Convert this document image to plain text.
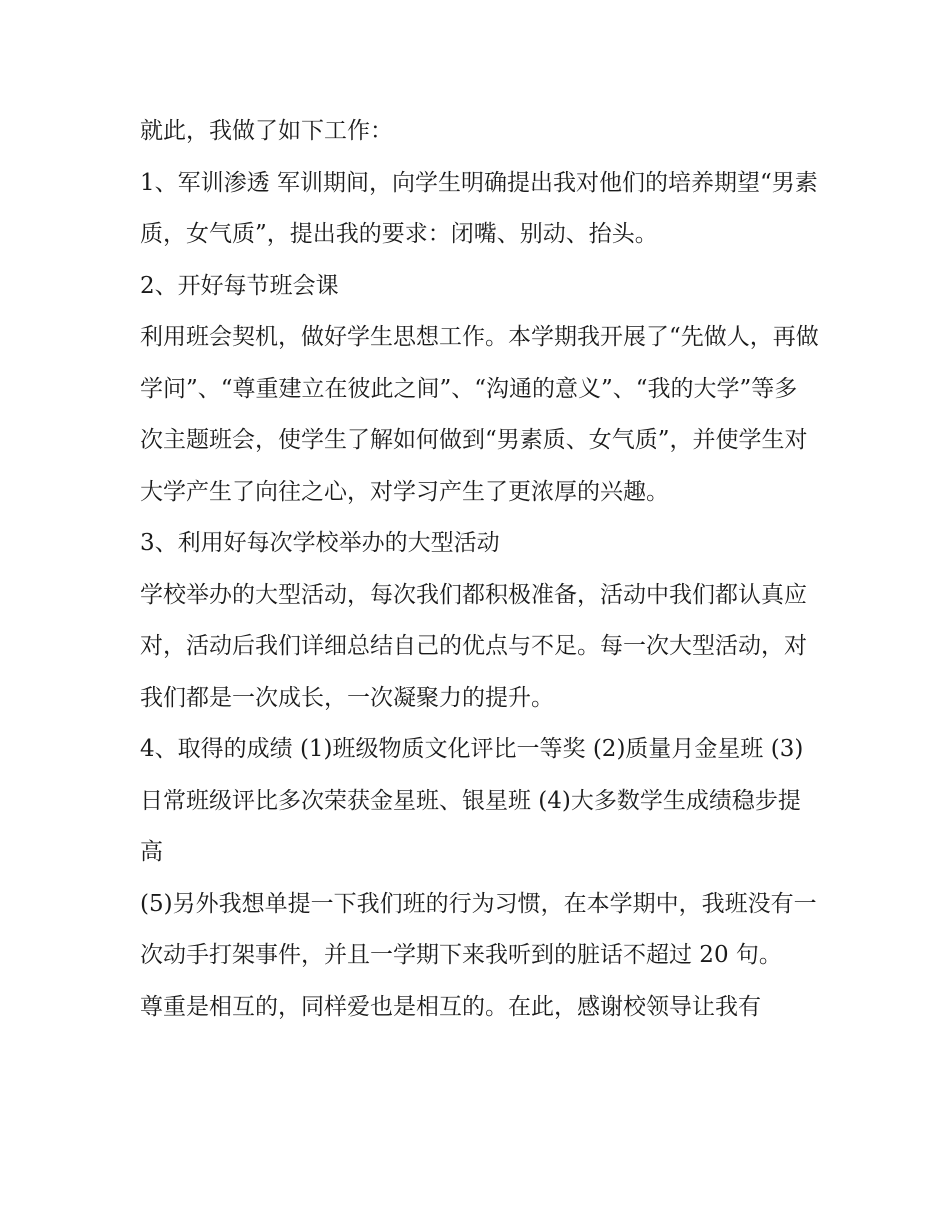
就此，我做了如下工作：

1、军训渗透 军训期间，向学生明确提出我对他们的培养期望“男素质，女气质”，提出我的要求：闭嘴、别动、抬头。

2、开好每节班会课

利用班会契机，做好学生思想工作。本学期我开展了“先做人，再做学问”、“尊重建立在彼此之间”、“沟通的意义”、“我的大学”等多次主题班会，使学生了解如何做到“男素质、女气质”，并使学生对大学产生了向往之心，对学习产生了更浓厚的兴趣。

3、利用好每次学校举办的大型活动

学校举办的大型活动，每次我们都积极准备，活动中我们都认真应对，活动后我们详细总结自己的优点与不足。每一次大型活动，对我们都是一次成长，一次凝聚力的提升。

4、取得的成绩 (1)班级物质文化评比一等奖 (2)质量月金星班 (3)日常班级评比多次荣获金星班、银星班 (4)大多数学生成绩稳步提高

(5)另外我想单提一下我们班的行为习惯，在本学期中，我班没有一次动手打架事件，并且一学期下来我听到的脏话不超过 20 句。

尊重是相互的，同样爱也是相互的。在此，感谢校领导让我有
